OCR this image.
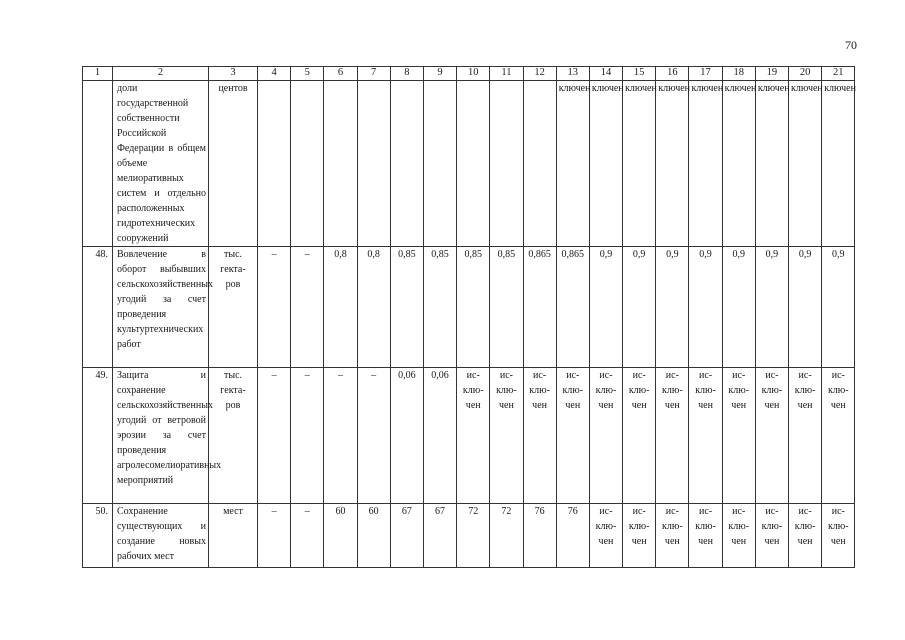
70
1	2	3	4	5	6	7	8	9	10	11	12	13	14	15	16	17	18	19	20	21
	доли государственной собственности Российской Федерации в общем объеме мелиоративных систем и отдельно расположенных гидротехнических сооружений	центов										ключен	ключен	ключен	ключен	ключен	ключен	ключен	ключен	ключен
48.	Вовлечение в оборот выбывших сельскохозяйственных угодий за счет проведения культуртехнических работ	тыс.
гекта-
ров	–	–	0,8	0,8	0,85	0,85	0,85	0,85	0,865	0,865	0,9	0,9	0,9	0,9	0,9	0,9	0,9	0,9
49.	Защита и сохранение сельскохозяйственных угодий от ветровой эрозии за счет проведения агролесомелиоративных мероприятий	тыс.
гекта-
ров	–	–	–	–	0,06	0,06	ис-
клю-
чен	ис-
клю-
чен	ис-
клю-
чен	ис-
клю-
чен	ис-
клю-
чен	ис-
клю-
чен	ис-
клю-
чен	ис-
клю-
чен	ис-
клю-
чен	ис-
клю-
чен	ис-
клю-
чен	ис-
клю-
чен
50.	Сохранение существующих и создание новых рабочих мест	мест	–	–	60	60	67	67	72	72	76	76	ис-
клю-
чен	ис-
клю-
чен	ис-
клю-
чен	ис-
клю-
чен	ис-
клю-
чен	ис-
клю-
чен	ис-
клю-
чен	ис-
клю-
чен
